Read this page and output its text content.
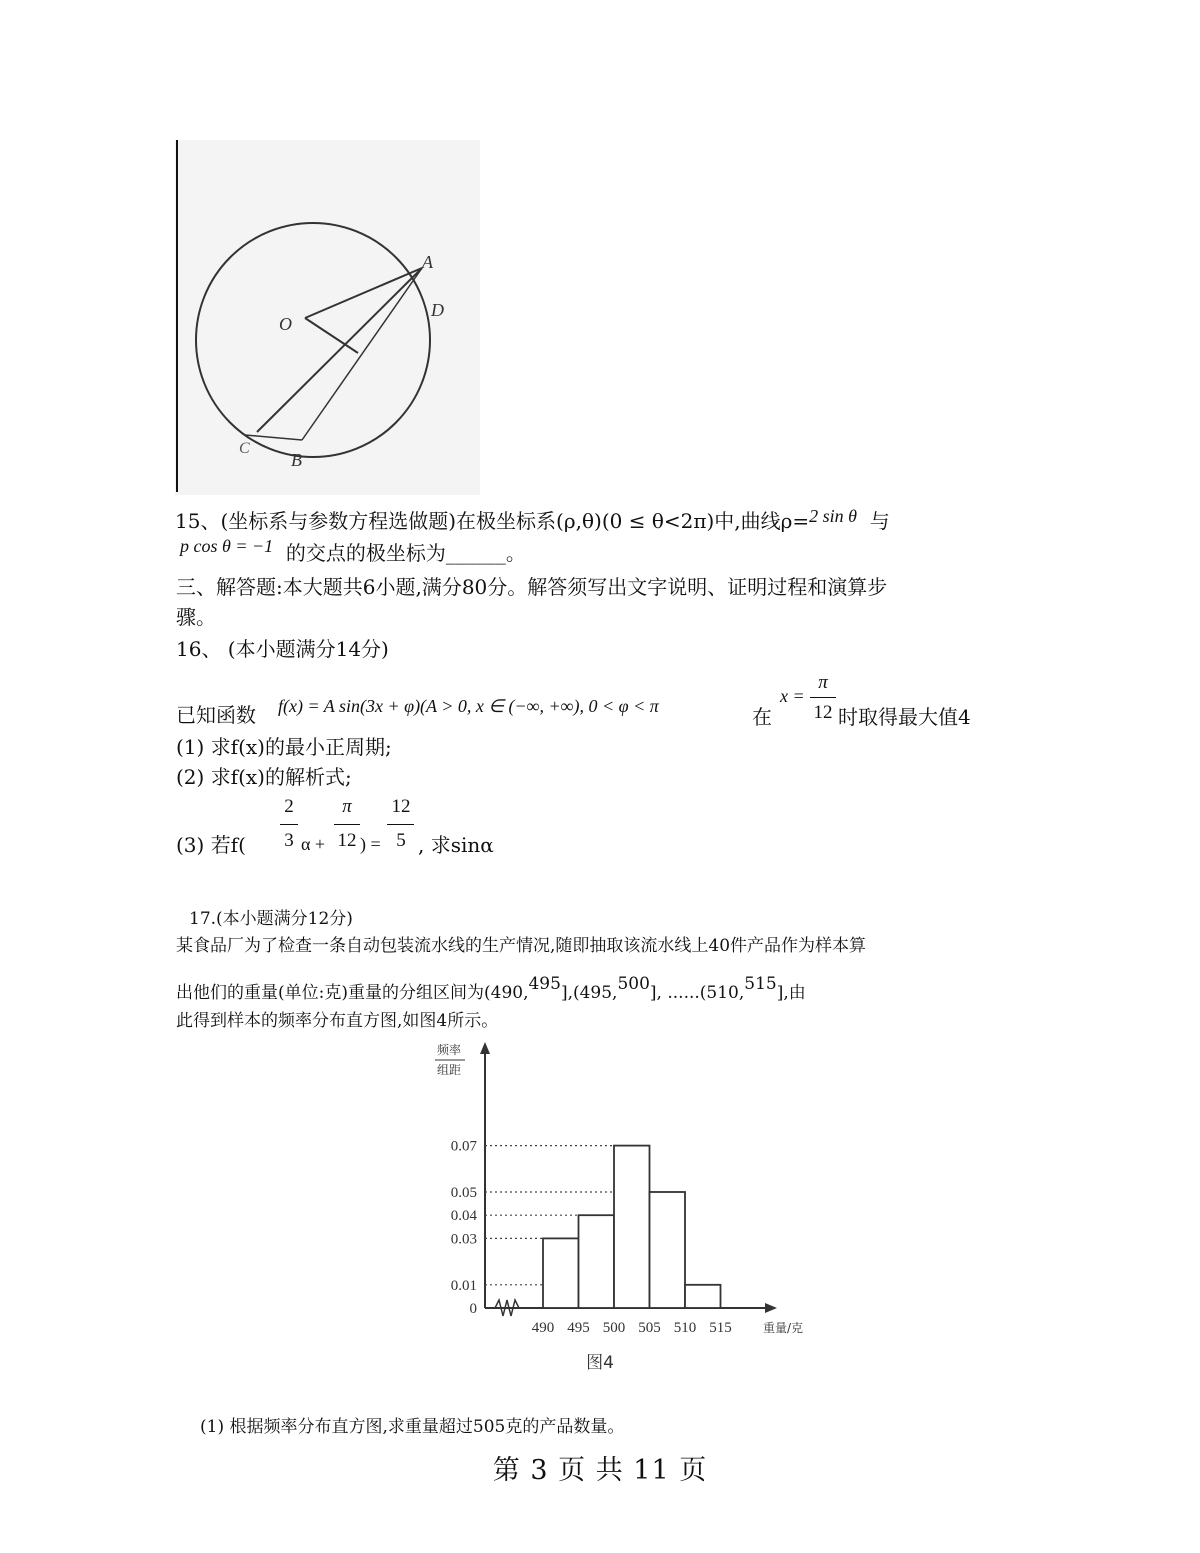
A
D
O
C
B
15、(坐标系与参数方程选做题)在极坐标系(ρ,θ)(0 ≤ θ<2π)中,曲线ρ=2 sin θ 与
p cos θ = −1 的交点的极坐标为______。
三、解答题:本大题共6小题,满分80分。解答须写出文字说明、证明过程和演算步
骤。
16、 (本小题满分14分)
已知函数 f(x) = A sin(3x + φ)(A > 0, x ∈ (−∞, +∞), 0 < φ < π	在
x =
π
12 时取得最大值4
(1) 求f(x)的最小正周期;
(2) 求f(x)的解析式;
(3) 若f(
2
3 α +
π
12 ) =
12
5 , 求sinα
17.(本小题满分12分)
某食品厂为了检查一条自动包装流水线的生产情况,随即抽取该流水线上40件产品作为样本算
出他们的重量(单位:克)重量的分组区间为(490,495],(495,500], ......(510,515],由
此得到样本的频率分布直方图,如图4所示。
频率
组距
0
0.01
0.03
0.04
0.05
0.07
490 495 500 505 510 515	重量/克
图4
(1) 根据频率分布直方图,求重量超过505克的产品数量。
第 3 页 共 11 页
